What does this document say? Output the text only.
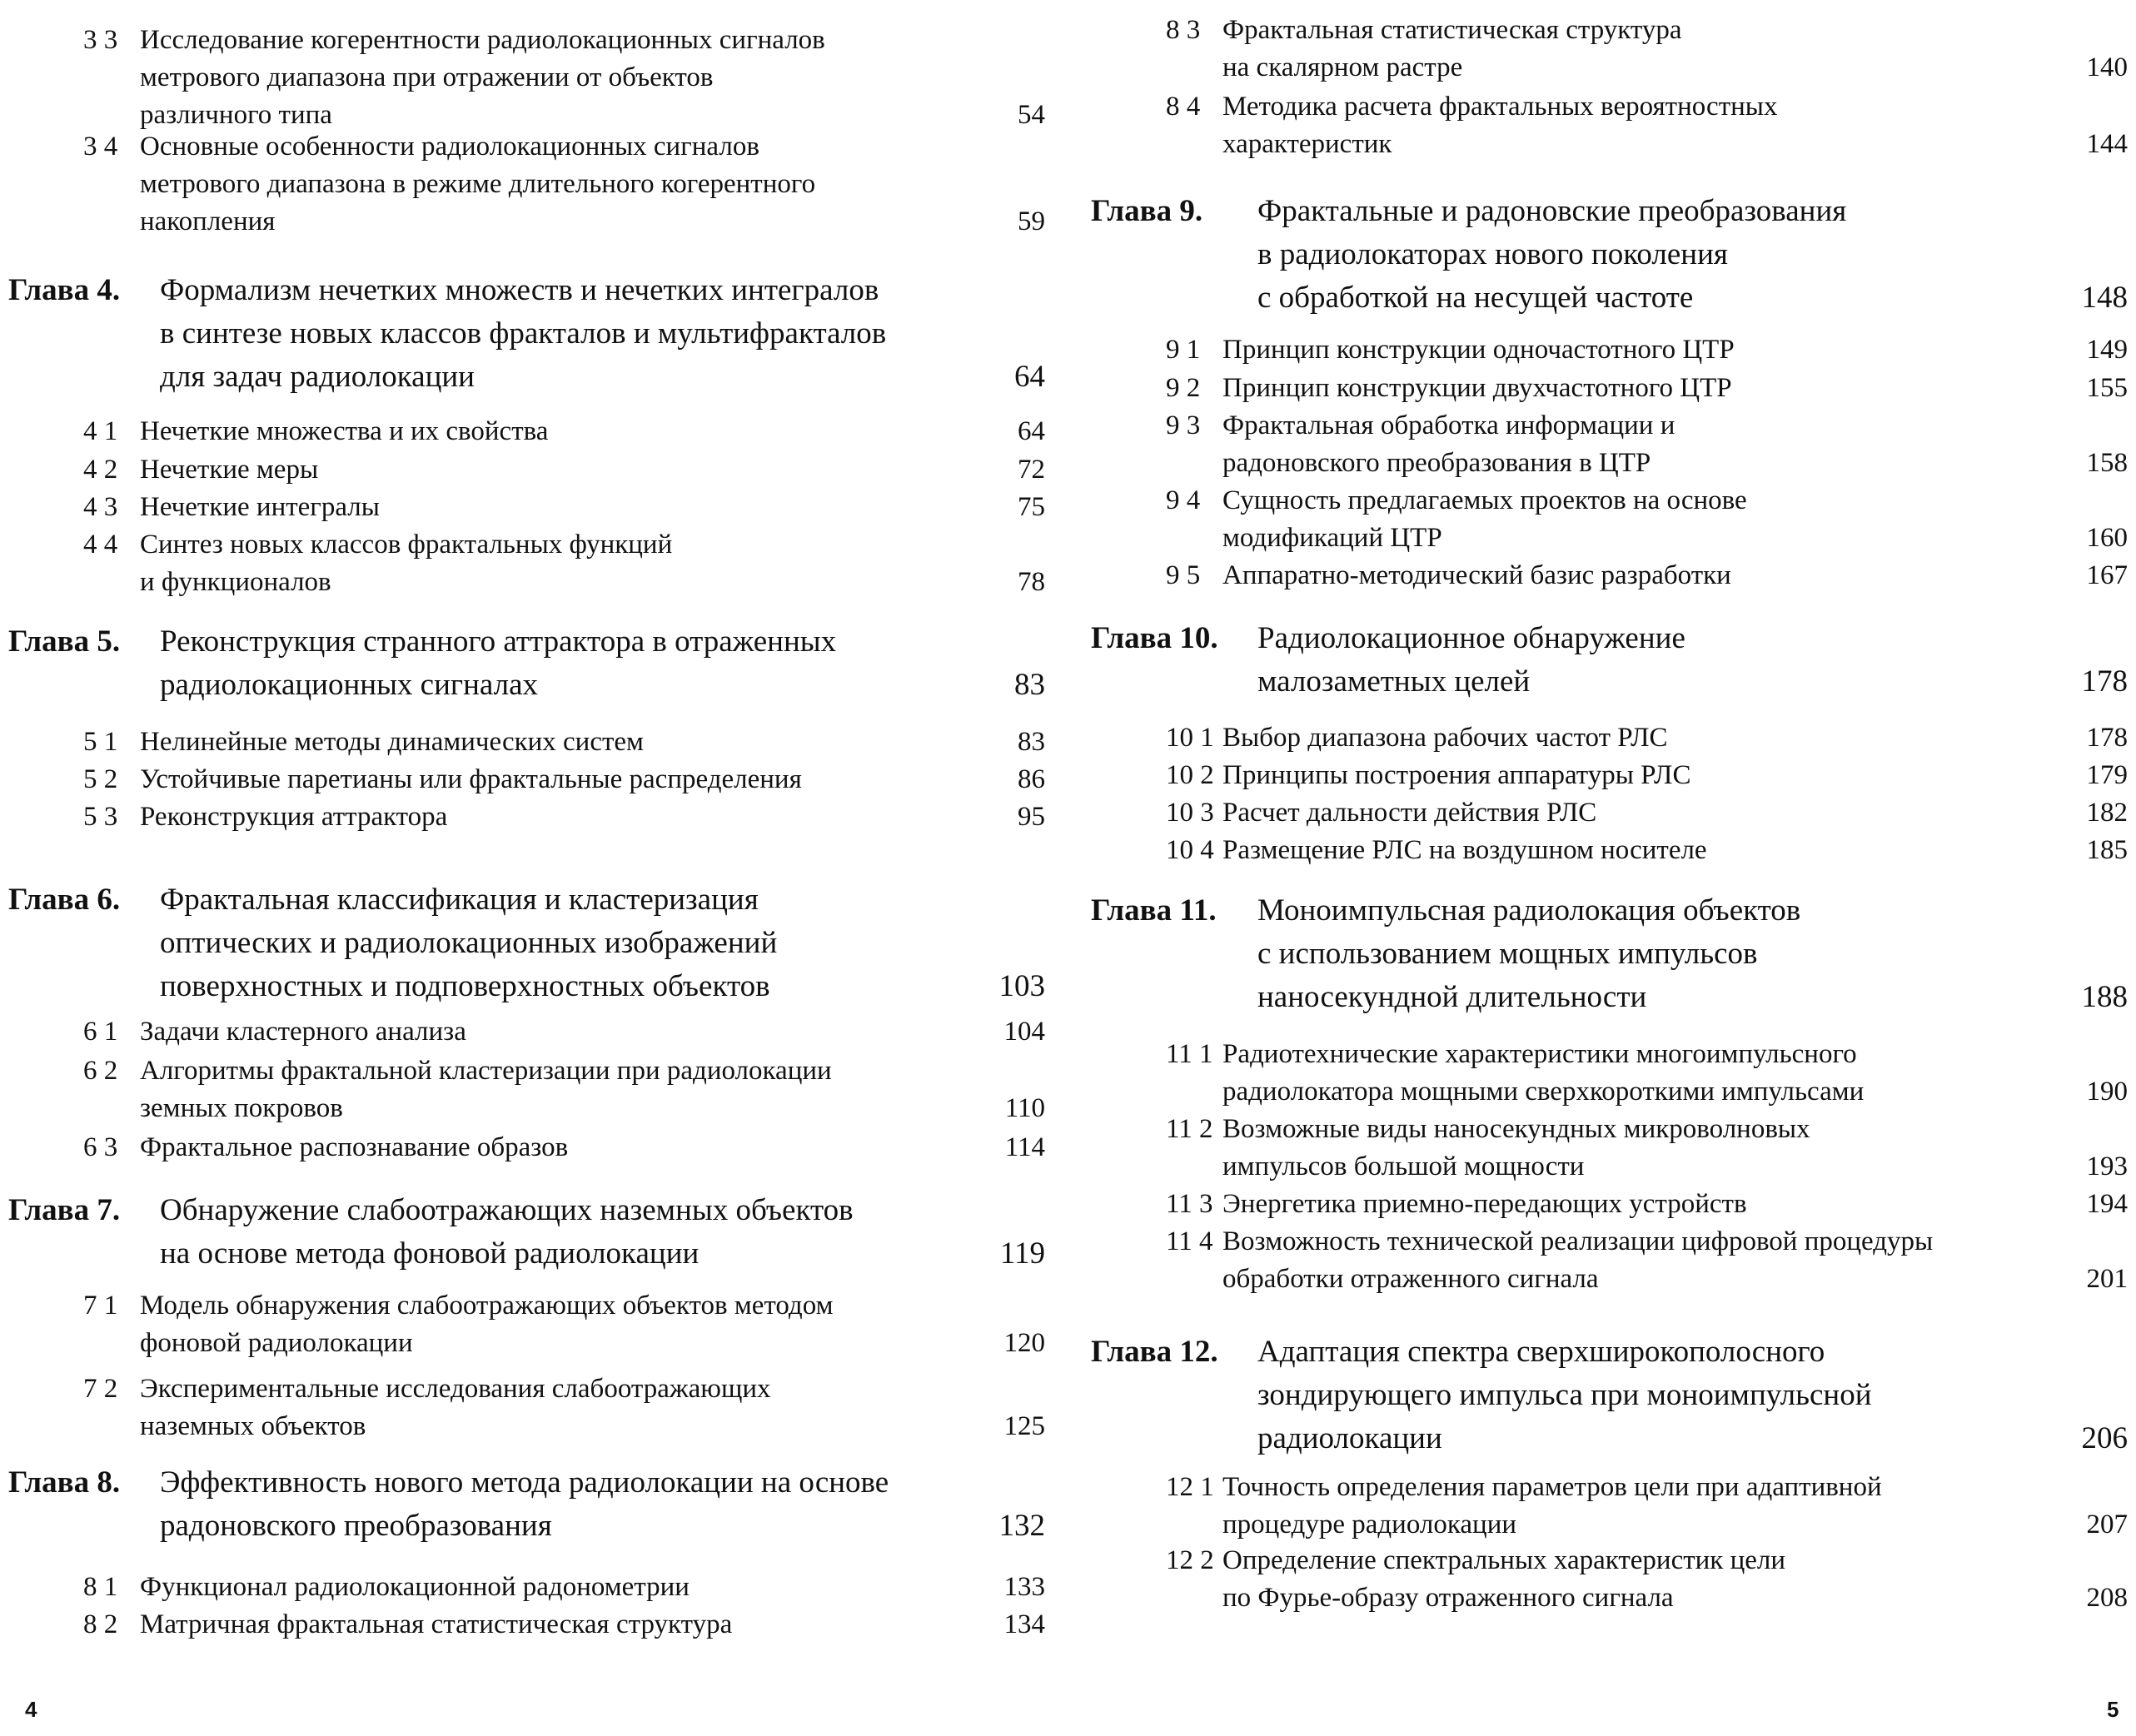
3 3 Исследование когерентности радиолокационных сигналов
метрового диапазона при отражении от объектов
различного типа	54
3 4 Основные особенности радиолокационных сигналов
метрового диапазона в режиме длительного когерентного
накопления	59
Глава 4. Формализм нечетких множеств и нечетких интегралов
в синтезе новых классов фракталов и мультифракталов
для задач радиолокации	64
4 1 Нечеткие множества и их свойства	64
4 2 Нечеткие меры	72
4 3 Нечеткие интегралы	75
4 4 Синтез новых классов фрактальных функций
и функционалов	78
Глава 5. Реконструкция странного аттрактора в отраженных
радиолокационных сигналах	83
5 1 Нелинейные методы динамических систем	83
5 2 Устойчивые паретианы или фрактальные распределения	86
5 3 Реконструкция аттрактора	95
Глава 6. Фрактальная классификация и кластеризация
оптических и радиолокационных изображений
поверхностных и подповерхностных объектов	103
6 1 Задачи кластерного анализа	104
6 2 Алгоритмы фрактальной кластеризации при радиолокации
земных покровов	110
6 3 Фрактальное распознавание образов	114
Глава 7. Обнаружение слабоотражающих наземных объектов
на основе метода фоновой радиолокации	119
7 1 Модель обнаружения слабоотражающих объектов методом
фоновой радиолокации	120
7 2 Экспериментальные исследования слабоотражающих
наземных объектов	125
Глава 8. Эффективность нового метода радиолокации на основе
радоновского преобразования	132
8 1 Функционал радиолокационной радонометрии	133
8 2 Матричная фрактальная статистическая структура	134
8 3 Фрактальная статистическая структура
на скалярном растре	140
8 4 Методика расчета фрактальных вероятностных
характеристик	144
Глава 9. Фрактальные и радоновские преобразования
в радиолокаторах нового поколения
с обработкой на несущей частоте	148
9 1 Принцип конструкции одночастотного ЦТР	149
9 2 Принцип конструкции двухчастотного ЦТР	155
9 3 Фрактальная обработка информации и
радоновского преобразования в ЦТР	158
9 4 Сущность предлагаемых проектов на основе
модификаций ЦТР	160
9 5 Аппаратно-методический базис разработки	167
Глава 10. Радиолокационное обнаружение
малозаметных целей	178
10 1 Выбор диапазона рабочих частот РЛС	178
10 2 Принципы построения аппаратуры РЛС	179
10 3 Расчет дальности действия РЛС	182
10 4 Размещение РЛС на воздушном носителе	185
Глава 11. Моноимпульсная радиолокация объектов
с использованием мощных импульсов
наносекундной длительности	188
11 1 Радиотехнические характеристики многоимпульсного
радиолокатора мощными сверхкороткими импульсами	190
11 2 Возможные виды наносекундных микроволновых
импульсов большой мощности	193
11 3 Энергетика приемно-передающих устройств	194
11 4 Возможность технической реализации цифровой процедуры
обработки отраженного сигнала	201
Глава 12. Адаптация спектра сверхширокополосного
зондирующего импульса при моноимпульсной
радиолокации	206
12 1 Точность определения параметров цели при адаптивной
процедуре радиолокации	207
12 2 Определение спектральных характеристик цели
по Фурье-образу отраженного сигнала	208
4	5
